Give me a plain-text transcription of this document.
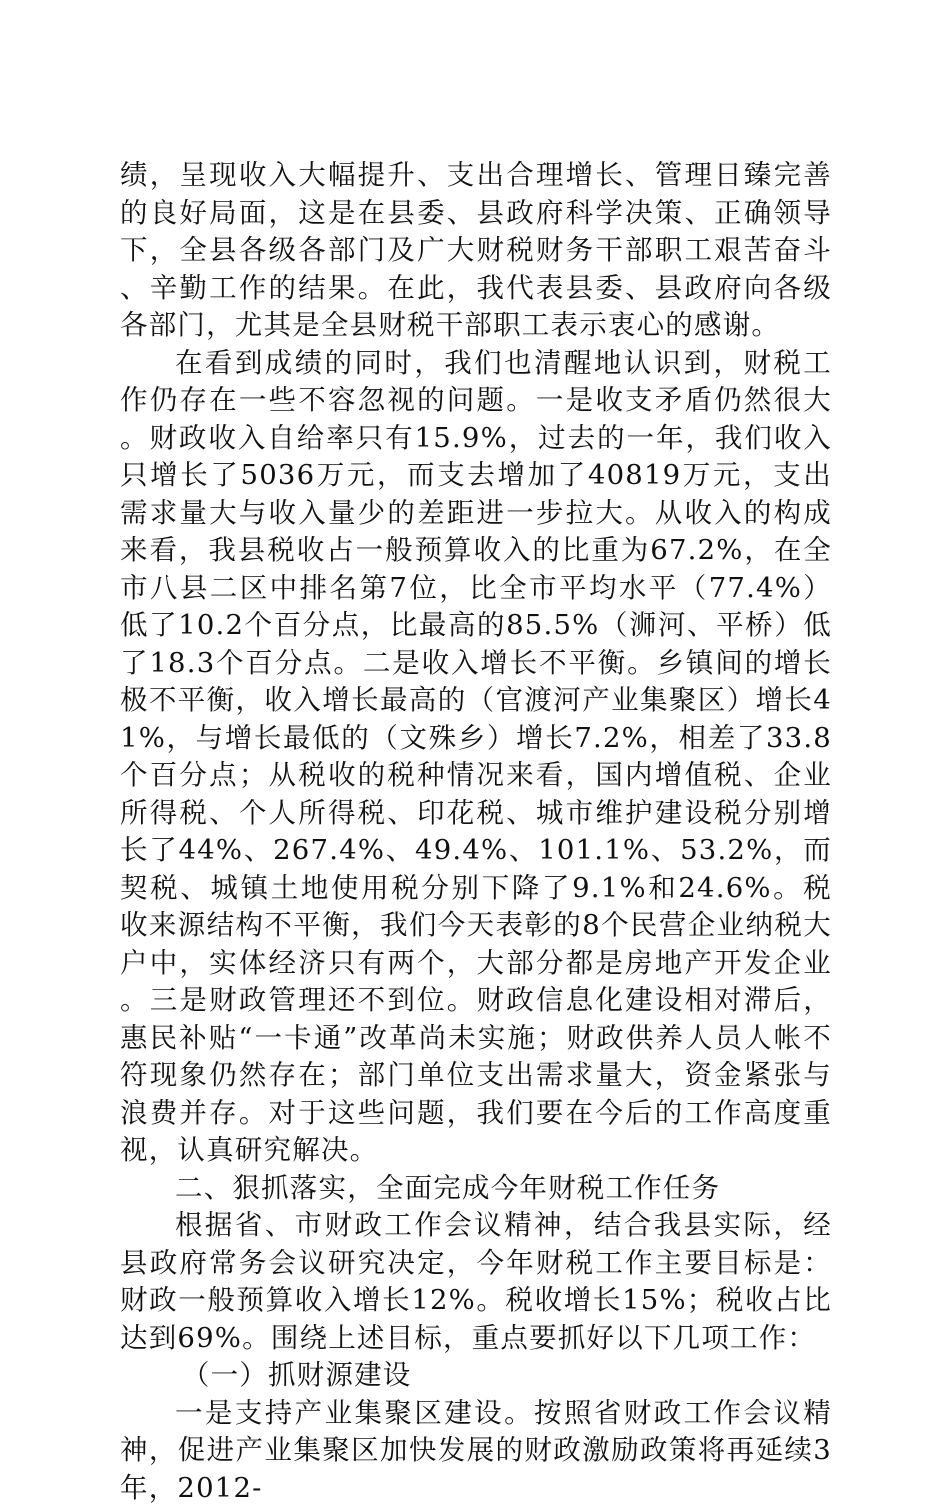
绩，呈现收入大幅提升、支出合理增长、管理日臻完善的良好局面，这是在县委、县政府科学决策、正确领导下，全县各级各部门及广大财税财务干部职工艰苦奋斗、辛勤工作的结果。在此，我代表县委、县政府向各级各部门，尤其是全县财税干部职工表示衷心的感谢。

在看到成绩的同时，我们也清醒地认识到，财税工作仍存在一些不容忽视的问题。一是收支矛盾仍然很大。财政收入自给率只有15.9%，过去的一年，我们收入只增长了5036万元，而支去增加了40819万元，支出需求量大与收入量少的差距进一步拉大。从收入的构成来看，我县税收占一般预算收入的比重为67.2%，在全市八县二区中排名第7位，比全市平均水平（77.4%）低了10.2个百分点，比最高的85.5%（浉河、平桥）低了18.3个百分点。二是收入增长不平衡。乡镇间的增长极不平衡，收入增长最高的（官渡河产业集聚区）增长41%，与增长最低的（文殊乡）增长7.2%，相差了33.8个百分点；从税收的税种情况来看，国内增值税、企业所得税、个人所得税、印花税、城市维护建设税分别增长了44%、267.4%、49.4%、101.1%、53.2%，而契税、城镇土地使用税分别下降了9.1%和24.6%。税收来源结构不平衡，我们今天表彰的8个民营企业纳税大户中，实体经济只有两个，大部分都是房地产开发企业。三是财政管理还不到位。财政信息化建设相对滞后，惠民补贴“一卡通”改革尚未实施；财政供养人员人帐不符现象仍然存在；部门单位支出需求量大，资金紧张与浪费并存。对于这些问题，我们要在今后的工作高度重视，认真研究解决。

二、狠抓落实，全面完成今年财税工作任务

根据省、市财政工作会议精神，结合我县实际，经县政府常务会议研究决定，今年财税工作主要目标是：财政一般预算收入增长12%。税收增长15%；税收占比达到69%。围绕上述目标，重点要抓好以下几项工作：

（一）抓财源建设

一是支持产业集聚区建设。按照省财政工作会议精神，促进产业集聚区加快发展的财政激励政策将再延续3年，2012-
